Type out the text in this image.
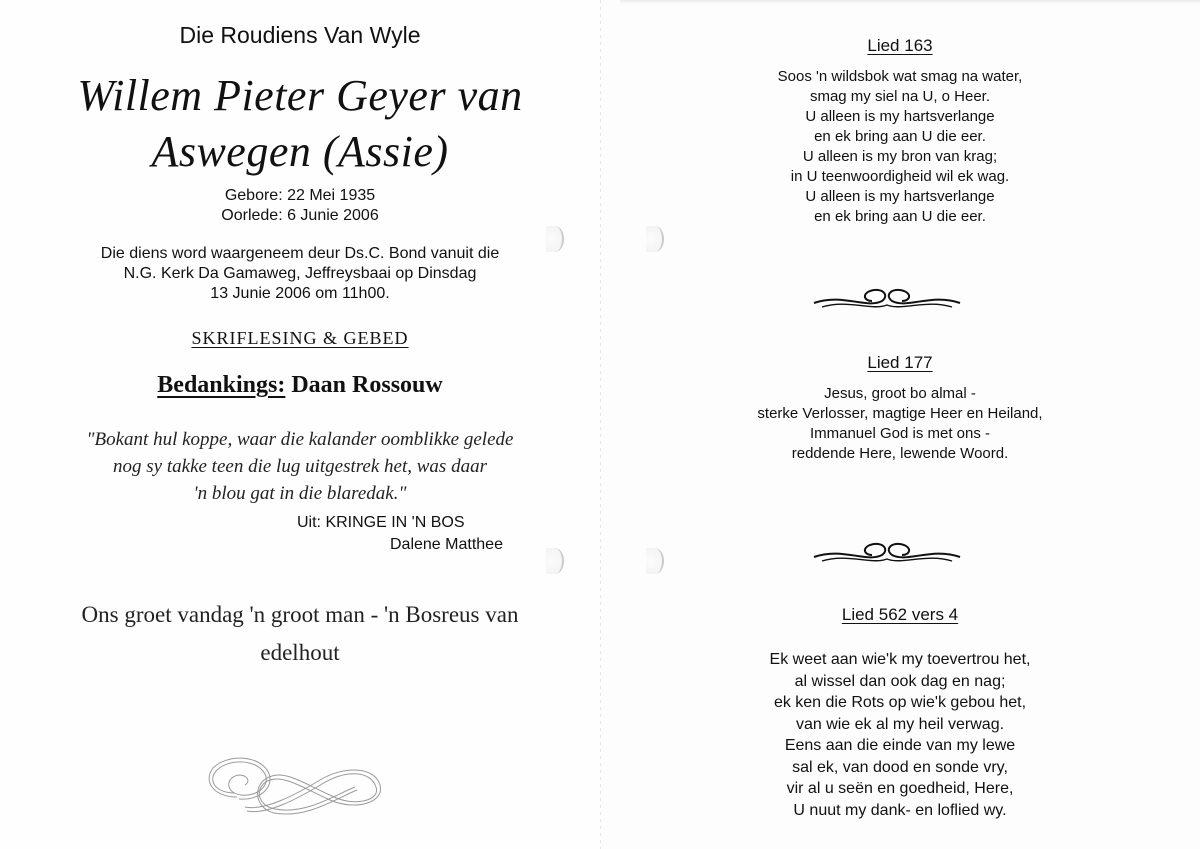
Die Roudiens Van Wyle
Willem Pieter Geyer van
Aswegen (Assie)
Gebore: 22 Mei 1935
Oorlede: 6 Junie 2006
Die diens word waargeneem deur Ds.C. Bond vanuit die
N.G. Kerk Da Gamaweg, Jeffreysbaai op Dinsdag
13 Junie 2006 om 11h00.
SKRIFLESING & GEBED
Bedankings: Daan Rossouw
"Bokant hul koppe, waar die kalander oomblikke gelede
nog sy takke teen die lug uitgestrek het, was daar
'n blou gat in die blaredak."
Uit: KRINGE IN 'N BOS
Dalene Matthee
Ons groet vandag 'n groot man - 'n Bosreus van
edelhout
Lied 163
Soos 'n wildsbok wat smag na water,
smag my siel na U, o Heer.
U alleen is my hartsverlange
en ek bring aan U die eer.
U alleen is my bron van krag;
in U teenwoordigheid wil ek wag.
U alleen is my hartsverlange
en ek bring aan U die eer.
Lied 177
Jesus, groot bo almal -
sterke Verlosser, magtige Heer en Heiland,
Immanuel God is met ons -
reddende Here, lewende Woord.
Lied 562 vers 4
Ek weet aan wie'k my toevertrou het,
al wissel dan ook dag en nag;
ek ken die Rots op wie'k gebou het,
van wie ek al my heil verwag.
Eens aan die einde van my lewe
sal ek, van dood en sonde vry,
vir al u seën en goedheid, Here,
U nuut my dank- en loflied wy.
